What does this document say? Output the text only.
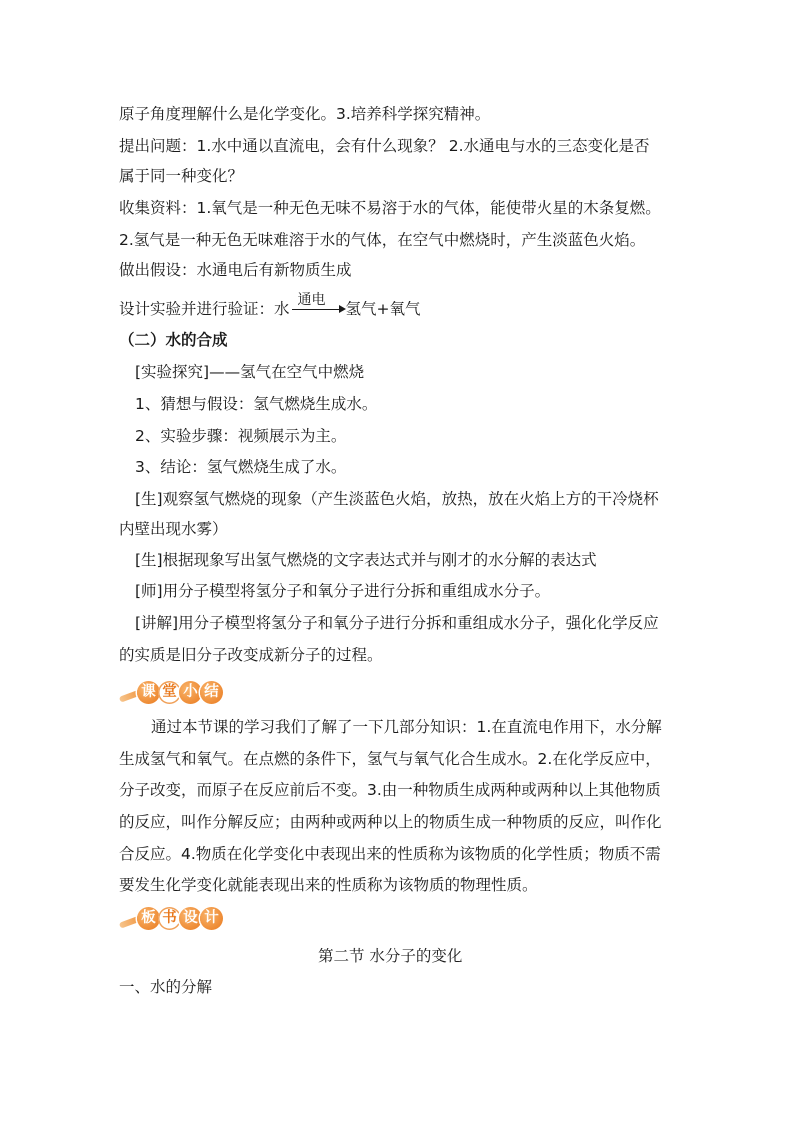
原子角度理解什么是化学变化。3.培养科学探究精神。
提出问题：1.水中通以直流电，会有什么现象？ 2.水通电与水的三态变化是否
属于同一种变化？
收集资料：1.氧气是一种无色无味不易溶于水的气体，能使带火星的木条复燃。
2.氢气是一种无色无味难溶于水的气体，在空气中燃烧时，产生淡蓝色火焰。
做出假设：水通电后有新物质生成
设计实验并进行验证：水 通电 氢气+氧气
（二）水的合成
[实验探究]——氢气在空气中燃烧
1、猜想与假设：氢气燃烧生成水。
2、实验步骤：视频展示为主。
3、结论：氢气燃烧生成了水。
[生]观察氢气燃烧的现象（产生淡蓝色火焰，放热，放在火焰上方的干冷烧杯
内壁出现水雾）
[生]根据现象写出氢气燃烧的文字表达式并与刚才的水分解的表达式
[师]用分子模型将氢分子和氧分子进行分拆和重组成水分子。
[讲解]用分子模型将氢分子和氧分子进行分拆和重组成水分子，强化化学反应
的实质是旧分子改变成新分子的过程。
课 堂 小 结
通过本节课的学习我们了解了一下几部分知识：1.在直流电作用下，水分解
生成氢气和氧气。在点燃的条件下，氢气与氧气化合生成水。2.在化学反应中，
分子改变，而原子在反应前后不变。3.由一种物质生成两种或两种以上其他物质
的反应，叫作分解反应；由两种或两种以上的物质生成一种物质的反应，叫作化
合反应。4.物质在化学变化中表现出来的性质称为该物质的化学性质；物质不需
要发生化学变化就能表现出来的性质称为该物质的物理性质。
板 书 设 计
第二节 水分子的变化
一、水的分解
